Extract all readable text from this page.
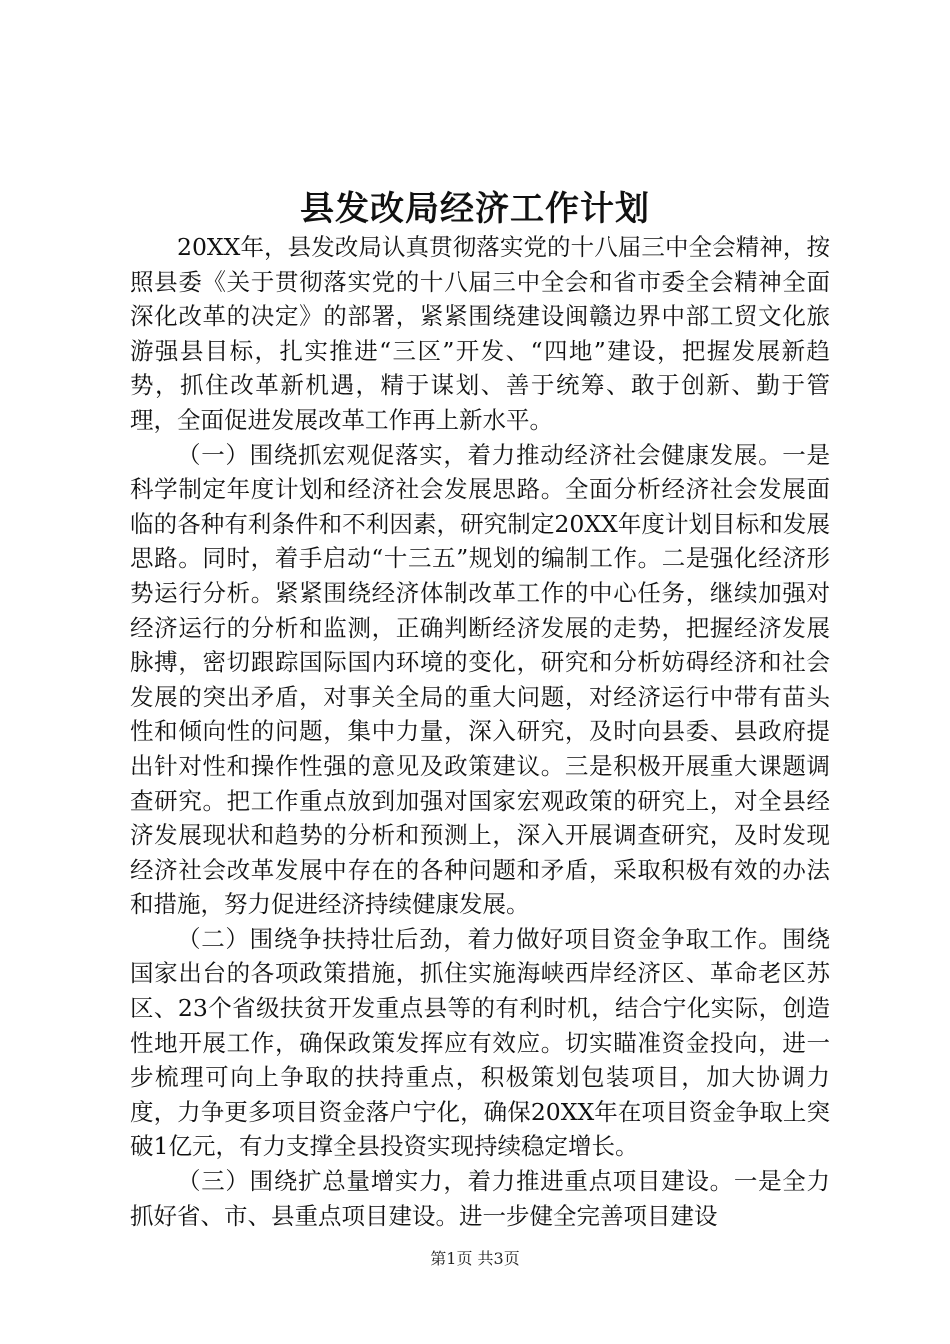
县发改局经济工作计划

20XX年，县发改局认真贯彻落实党的十八届三中全会精神，按照县委《关于贯彻落实党的十八届三中全会和省市委全会精神全面深化改革的决定》的部署，紧紧围绕建设闽赣边界中部工贸文化旅游强县目标，扎实推进“三区”开发、“四地”建设，把握发展新趋势，抓住改革新机遇，精于谋划、善于统筹、敢于创新、勤于管理，全面促进发展改革工作再上新水平。

（一）围绕抓宏观促落实，着力推动经济社会健康发展。一是科学制定年度计划和经济社会发展思路。全面分析经济社会发展面临的各种有利条件和不利因素，研究制定20XX年度计划目标和发展思路。同时，着手启动“十三五”规划的编制工作。二是强化经济形势运行分析。紧紧围绕经济体制改革工作的中心任务，继续加强对经济运行的分析和监测，正确判断经济发展的走势，把握经济发展脉搏，密切跟踪国际国内环境的变化，研究和分析妨碍经济和社会发展的突出矛盾，对事关全局的重大问题，对经济运行中带有苗头性和倾向性的问题，集中力量，深入研究，及时向县委、县政府提出针对性和操作性强的意见及政策建议。三是积极开展重大课题调查研究。把工作重点放到加强对国家宏观政策的研究上，对全县经济发展现状和趋势的分析和预测上，深入开展调查研究，及时发现经济社会改革发展中存在的各种问题和矛盾，采取积极有效的办法和措施，努力促进经济持续健康发展。

（二）围绕争扶持壮后劲，着力做好项目资金争取工作。围绕国家出台的各项政策措施，抓住实施海峡西岸经济区、革命老区苏区、23个省级扶贫开发重点县等的有利时机，结合宁化实际，创造性地开展工作，确保政策发挥应有效应。切实瞄准资金投向，进一步梳理可向上争取的扶持重点，积极策划包装项目，加大协调力度，力争更多项目资金落户宁化，确保20XX年在项目资金争取上突破1亿元，有力支撑全县投资实现持续稳定增长。

（三）围绕扩总量增实力，着力推进重点项目建设。一是全力抓好省、市、县重点项目建设。进一步健全完善项目建设

第1页 共3页
